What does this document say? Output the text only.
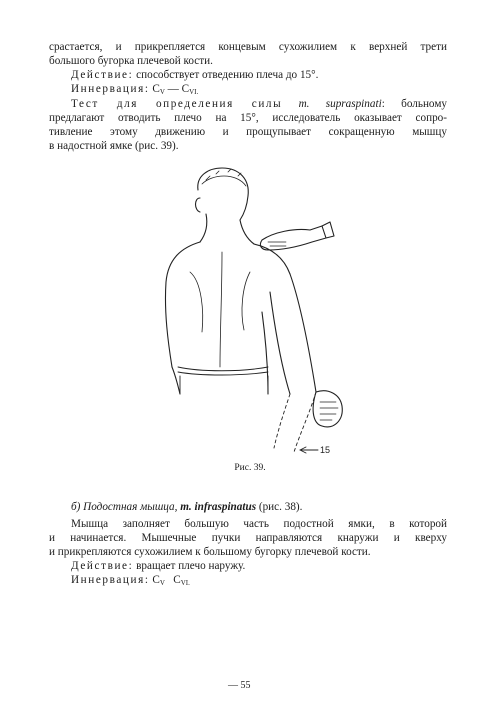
срастается, и прикрепляется концевым сухожилием к верхней трети
большого бугорка плечевой кости.
Действие: способствует отведению плеча до 15°.
Иннервация: $С_V$ — $С_{VI.}$
Тест для определения силы m. supraspinati: больному
предлагают отводить плечо на 15°, исследователь оказывает сопро-
тивление этому движению и прощупывает сокращенную мышцу
в надостной ямке (рис. 39).
15
Рис. 39.
б) Подостная мышца, m. infraspinatus (рис. 38).
Мышца заполняет большую часть подостной ямки, в которой
и начинается. Мышечные пучки направляются кнаружи и кверху
и прикрепляются сухожилием к большому бугорку плечевой кости.
Действие: вращает плечо наружу.
Иннервация: $С_V$ $С_{VI.}$
— 55
